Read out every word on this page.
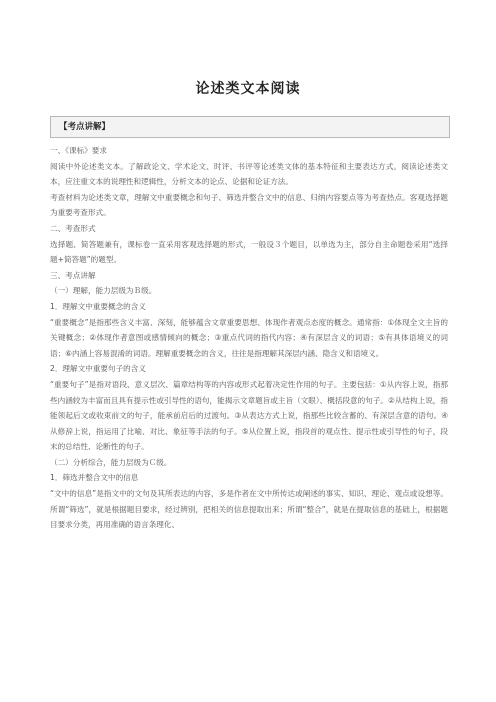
论述类文本阅读
【考点讲解】

一、《课标》要求

阅读中外论述类文本。了解政论文、学术论文、时评、书评等论述类文体的基本特征和主要表达方式。阅读论述类文本，应注重文本的说理性和逻辑性，分析文本的论点、论据和论证方法。

考查材料为论述类文章，理解文中重要概念和句子、筛选并整合文中的信息、归纳内容要点等为考查热点。客观选择题为重要考查形式。

二、考查形式

选择题、简答题兼有，课标卷一直采用客观选择题的形式，一般设３个题目，以单选为主，部分自主命题卷采用“选择题+简答题”的题型。

三、考点讲解

（一）理解，能力层级为Ｂ级。

1．理解文中重要概念的含义

“重要概念”是指那些含义丰富、深刻，能够蕴含文章重要思想、体现作者观点态度的概念。通常指：①体现全文主旨的关键概念；②体现作者意图或感情倾向的概念；③重点代词的指代内容；④有深层含义的词语；⑤有具体语境义的词语；⑥内涵上容易混淆的词语。理解重要概念的含义，往往是指理解其深层内涵、隐含义和语境义。

2．理解文中重要句子的含义

“重要句子”是指对语段、意义层次、篇章结构等的内容或形式起着决定性作用的句子。主要包括：①从内容上说，指那些内涵较为丰富而且具有提示性或引导性的语句，能揭示文章题旨或主旨（文眼）、概括段意的句子。②从结构上说，指能领起后文或收束前文的句子，能承前启后的过渡句。③从表达方式上说，指那些比较含蓄的、有深层含意的语句。④从修辞上说，指运用了比喻、对比、象征等手法的句子。⑤从位置上说，指段首的观点性、提示性或引导性的句子，段末的总结性、论断性的句子。

（二）分析综合，能力层级为Ｃ级。

1．筛选并整合文中的信息

“文中的信息”是指文中的文句及其所表达的内容，多是作者在文中所传达或阐述的事实、知识、理论、观点或设想等。所谓“筛选”，就是根据题目要求，经过辨别，把相关的信息提取出来；所谓“整合”，就是在提取信息的基础上，根据题目要求分类，再用准确的语言条理化、
